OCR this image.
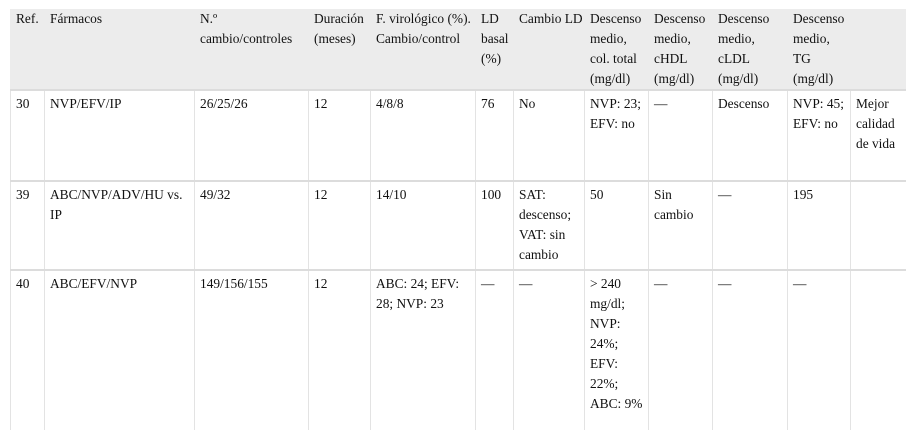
Ref.	Fármacos	N.º cambio/controles	Duración (meses)	F. virológico (%). Cambio/control	LD basal (%)	Cambio LD	Descenso medio, col. total (mg/dl)	Descenso medio, cHDL (mg/dl)	Descenso medio, cLDL (mg/dl)	Descenso medio, TG (mg/dl)	
30	NVP/EFV/IP	26/25/26	12	4/8/8	76	No	NVP: 23; EFV: no	—	Descenso	NVP: 45; EFV: no	Mejor calidad de vida
39	ABC/NVP/ADV/HU vs. IP	49/32	12	14/10	100	SAT: descenso; VAT: sin cambio	50	Sin cambio	—	195	
40	ABC/EFV/NVP	149/156/155	12	ABC: 24; EFV: 28; NVP: 23	—	—	> 240 mg/dl; NVP: 24%; EFV: 22%; ABC: 9%	—	—	—	
